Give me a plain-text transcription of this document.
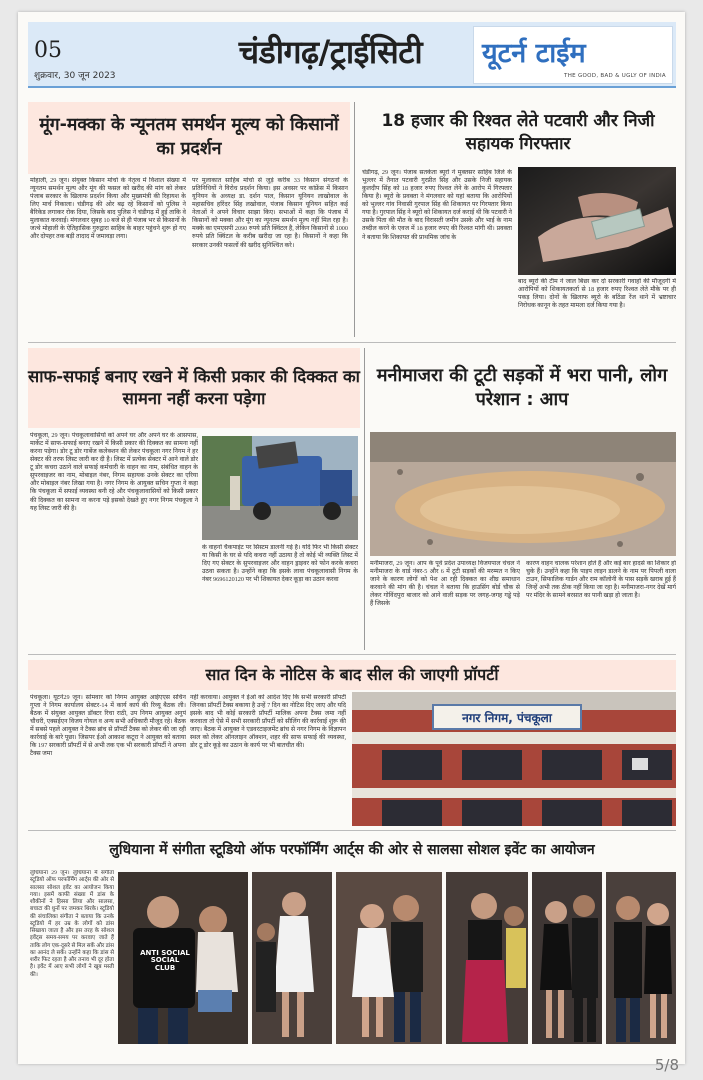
05
शुक्रवार, 30 जून 2023
चंडीगढ़/ट्राईसिटी	यूटर्न टाईम
THE GOOD, BAD & UGLY OF INDIA
मूंग-मक्का के न्यूनतम समर्थन मूल्य को किसानों का प्रदर्शन
मोहाली, 29 जून। संयुक्त किसान मोर्चा के नेतृत्व में विशाल संख्या में न्यूनतम समर्थन मूल्य और मूंग की फसल को खरीद की मांग को लेकर पंजाब सरकार के खिलाफ प्रदर्शन किया और मुख्यमंत्री की रिहायश के लिए मार्च निकाला। चंडीगढ़ की ओर बढ़ रहे किसानों को पुलिस ने बैरिकेड लगाकर रोक दिया, जिसके बाद पुलिस ने चंडीगढ़ में हुई ताकि वे मुलाकात करवाई। मंगलवार सुबह 10 बजे से ही पंजाब भर से किसानों के जत्थे मोहाली के ऐतिहासिक गुरुद्वारा साहिब के बाहर पहुंचने शुरू हो गए और दोपहर तक बड़ी तादाद में जमावड़ा लगा।
पर मुलाकात साहिब मोर्चा से जुड़े करीब 33 किसान संगठनों के प्रतिनिधियों ने विरोध प्रदर्शन किया। इस अवसर पर कांफ्रेंस में किसान यूनियन के अध्यक्ष डा. दर्शन पाल, किसान यूनियन लाखोवाल के महासचिव हरिंदर सिंह लखोवाल, पंजाब किसान यूनियन सहित कई नेताओं ने अपने विचार साझा किए। सभाओं में कहा कि पंजाब में किसानों को मक्का और मूंग का न्यूनतम समर्थन मूल्य नहीं मिल रहा है। मक्के का एमएसपी 2090 रुपये प्रति क्विंटल है, लेकिन किसानों से 1000 रुपये प्रति क्विंटल के करीब खरीदा जा रहा है। किसानों ने कहा कि सरकार उनकी फसलों की खरीद सुनिश्चित करे।
18 हजार की रिश्वत लेते पटवारी और निजी सहायक गिरफ्तार
चंडीगढ़, 29 जून। पंजाब सतर्कता ब्यूरो ने मुक्तसर साहिब जिले के भुल्लर में तैनात पटवारी गुरप्रीत सिंह और उसके निजी सहायक कुलदीप सिंह को 18 हजार रुपए रिश्वत लेने के आरोप में गिरफ्तार किया है। ब्यूरो के प्रवक्ता ने मंगलवार को यहां बताया कि आरोपियों को भुल्लर गांव निवासी गुरपाल सिंह की शिकायत पर गिरफ्तार किया गया है। गुरपाल सिंह ने ब्यूरो को शिकायत दर्ज कराई थी कि पटवारी ने उसके पिता की मौत के बाद विरासती जमीन उसके और भाई के नाम तब्दील करने के एवज में 18 हजार रुपए की रिश्वत मांगी थी। प्रवक्ता ने बताया कि शिकायत की प्राथमिक जांच के
बाद ब्यूरो की टीम ने जाल बिछा कर दो सरकारी गवाहों की मौजूदगी में आरोपियों को शिकायतकर्ता से 18 हजार रुपए रिश्वत लेते मौके पर ही पकड़ लिया। दोनों के खिलाफ ब्यूरो के बठिंडा रेंज थाने में भ्रष्टाचार निरोधक कानून के तहत मामला दर्ज किया गया है।
साफ-सफाई बनाए रखने में किसी प्रकार की दिक्कत का सामना नहीं करना पड़ेगा
पंचकूला, 29 जून। पंचकूलावासियों को अपने घर और अपने घर के आसपास, मार्केट में साफ-सफाई बनाए रखने में किसी प्रकार की दिक्कत का सामना नहीं करना पड़ेगा। डोर टू डोर गार्बेज कलेक्शन की लेकर पंचकूला नगर निगम ने हर सेक्टर की तरफ लिस्ट जारी कर दी है। लिस्ट में प्रत्येक सेक्टर में आने वाले डोर टू डोर कचरा उठाने वाले सफाई कर्मचारी के वाहन का नाम, संबंधित वाहन के सुपरवाइजर का नाम, मोबाइल नंबर, निगम सहायक उनके सेक्टर का एरिया और मोबाइल नंबर लिखा गया है। नगर निगम के आयुक्त सचिन गुप्ता ने कहा कि पंचकूला में सफाई व्यवस्था बनी रहे और पंचकूलावासियों को किसी प्रकार की दिक्कत का सामना ना करना पड़े इसको देखते हुए नगर निगम पंचकूला ने यह लिस्ट जारी की है।
के वाहनों चैकपाइंट पर सिस्टम डालनी गई है। यदि फिर भी किसी सेक्टर या किसी के घर से यदि कचरा नहीं उठाया है तो कोई भी व्यक्ति लिस्ट में दिए गए सेक्टर के सुपरवाइजर और वाहन ड्राइवर को फोन करके कचरा उठवा सकता है। उन्होंने कहा कि इसके लावा पंचकूलावासी निगम के नंबर 9696120120 पर भी शिकायत देकर कूड़ा का उठान करवा
मनीमाजरा की टूटी सड़कों में भरा पानी, लोग परेशान : आप
मनीमाजरा, 29 जून। आप के पूर्व प्रदेश उपाध्यक्ष विजयपाल चंचल ने मनीमाजरा के वार्ड नंबर-5 और 6 में टूटी सड़कों की मरम्मत न किए जाने के कारण लोगों को पेश आ रही दिक्कत का शीघ्र समाधान करवाने की मांग की है। चंचल ने बताया कि हाउसिंग बोर्ड चौक से लेकर गोविंदपुरा बाजार को आने वाली सड़क पर जगह-जगह गड्ढे पड़े हैं जिसके
कारण वाहन चालक परेशान होते हैं और कई बार हादसे का शिकार हो चुके हैं। उन्होंने कहा कि पाइप लाइन डालने के नाम पर पिपली वाला टाउन, सिफालिक गार्डन और राम कॉलोनी के पास सड़कें खराब हुई हैं जिन्हें अभी तक ठीक नहीं किया जा रहा है। मनीमाजरा-नगर देखें मार्ग पर मंदिर के सामने बरसात का पानी खड़ा हो जाता है।
सात दिन के नोटिस के बाद सील की जाएगी प्रॉपर्टी
पंचकूला। यूटर्न29 जून। सोमवार को निगम आयुक्त आईएएस सचिन गुप्ता ने निगम कार्यालय सेक्टर-14 में कार्य कार्य की रिव्यू बैठक ली। बैठक में संयुक्त आयुक्त डॉक्टर रिचा राठी, उप निगम आयुक्त अनुपं चौधरी, एक्सईएन विजय गोयल व अन्य सभी अधिकारी मौजूद रहे। बैठक में सबसे पहले आयुक्त ने टैक्स ब्रांच से प्रॉपर्टी टैक्स को लेकर की जा रही कार्रवाई के बारे पूछा। जिसपर ईओ आकाश कटूरा ने आयुक्त को बताया कि 197 सरकारी प्रॉपर्टी में से अभी तक एक भी सरकारी प्रॉपर्टी ने अपना टैक्स जमा
नहीं करवाया। आयुक्त ने ईओ को आदेश दिए कि सभी सरकारी प्रॉपर्टी जिनका प्रॉपर्टी टैक्स बकाया है उन्हें 7 दिन का नोटिस दिए जाए और यदि इसके बाद भी कोई सरकारी प्रॉपर्टी मालिक अपना टैक्स जमा नहीं करवाता तो ऐसे में सभी सरकारी प्रॉपर्टी को सीलिंग की कार्रवाई शुरू की जाए। बैठक में आयुक्त ने एडवरटाइजमेंट ब्रांच से नगर निगम के विज्ञापन स्थल को लेकर ऑनलाइन ऑक्शन, शहर की साफ सफाई की व्यवस्था, डोर टू डोर कूड़े का उठान के कार्य पर भी बातचीत की।
नगर निगम, पंचकूला
लुधियाना में संगीता स्टूडियो ऑफ परफॉर्मिंग आर्ट्स की ओर से सालसा सोशल इवेंट का आयोजन
लुधियाना 29 जून। लुधियाना में संगीता स्टूडियो ऑफ परफॉर्मिंग आर्ट्स की ओर से सालसा सोशल इवेंट का आयोजन किया गया। इसमें काफी संख्या में डांस के शौकीनों ने हिस्सा लिया और सालसा, बचाटा की धुनों पर जमकर थिरके। स्टूडियो की संचालिका संगीता ने बताया कि उनके स्टूडियो में हर उम्र के लोगों को डांस सिखाया जाता है और इस तरह के सोशल इवेंट्स समय-समय पर करवाए जाते हैं ताकि लोग एक-दूसरे से मिल सकें और डांस का आनंद ले सकें। उन्होंने कहा कि डांस से शरीर फिट रहता है और तनाव भी दूर होता है। इवेंट में आए सभी लोगों ने खूब मस्ती की।
ANTI SOCIAL SOCIAL CLUB
5/8
